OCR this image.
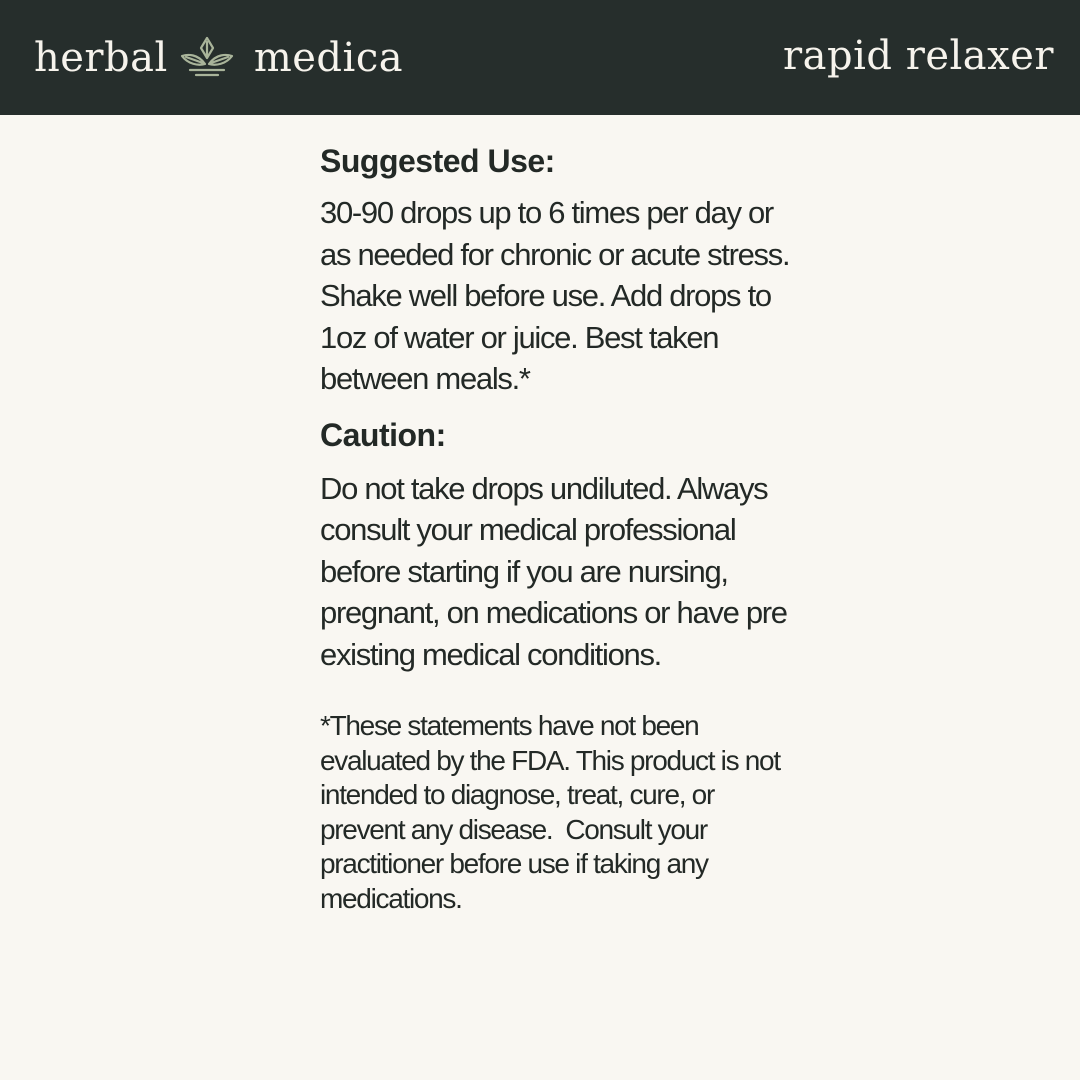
herbal medica	rapid relaxer
Suggested Use:

30-90 drops up to 6 times per day or as needed for chronic or acute stress. Shake well before use. Add drops to 1oz of water or juice. Best taken between meals.*

Caution:

Do not take drops undiluted. Always consult your medical professional before starting if you are nursing, pregnant, on medications or have pre existing medical conditions.

*These statements have not been evaluated by the FDA. This product is not intended to diagnose, treat, cure, or prevent any disease.  Consult your practitioner before use if taking any medications.
